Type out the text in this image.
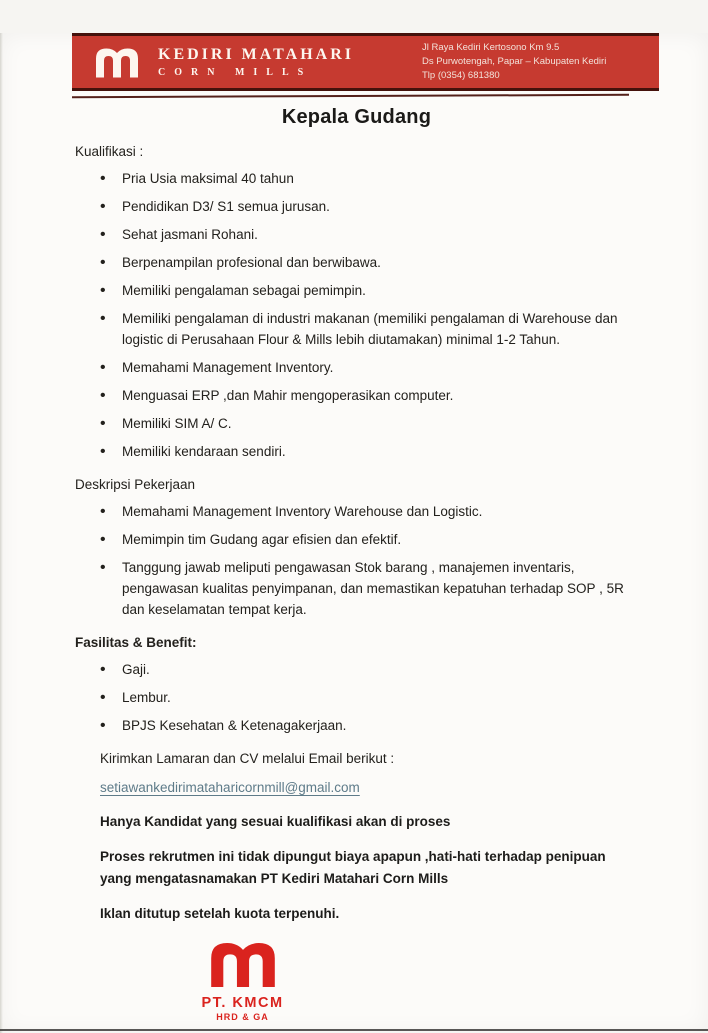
KEDIRI MATAHARI
CORN MILLS
Jl Raya Kediri Kertosono Km 9.5
Ds Purwotengah, Papar – Kabupaten Kediri
Tlp (0354) 681380
Kepala Gudang
Kualifikasi :
• Pria Usia maksimal 40 tahun
• Pendidikan D3/ S1 semua jurusan.
• Sehat jasmani Rohani.
• Berpenampilan profesional dan berwibawa.
• Memiliki pengalaman sebagai pemimpin.
• Memiliki pengalaman di industri makanan (memiliki pengalaman di Warehouse dan logistic di Perusahaan Flour & Mills lebih diutamakan) minimal 1-2 Tahun.
• Memahami Management Inventory.
• Menguasai ERP ,dan Mahir mengoperasikan computer.
• Memiliki SIM A/ C.
• Memiliki kendaraan sendiri.
Deskripsi Pekerjaan
• Memahami Management Inventory Warehouse dan Logistic.
• Memimpin tim Gudang agar efisien dan efektif.
• Tanggung jawab meliputi pengawasan Stok barang , manajemen inventaris, pengawasan kualitas penyimpanan, dan memastikan kepatuhan terhadap SOP , 5R dan keselamatan tempat kerja.
Fasilitas & Benefit:
• Gaji.
• Lembur.
• BPJS Kesehatan & Ketenagakerjaan.

Kirimkan Lamaran dan CV melalui Email berikut :

setiawankedirimataharicornmill@gmail.com

Hanya Kandidat yang sesuai kualifikasi akan di proses

Proses rekrutmen ini tidak dipungut biaya apapun ,hati-hati terhadap penipuan yang mengatasnamakan PT Kediri Matahari Corn Mills

Iklan ditutup setelah kuota terpenuhi.

PT. KMCM
HRD & GA
